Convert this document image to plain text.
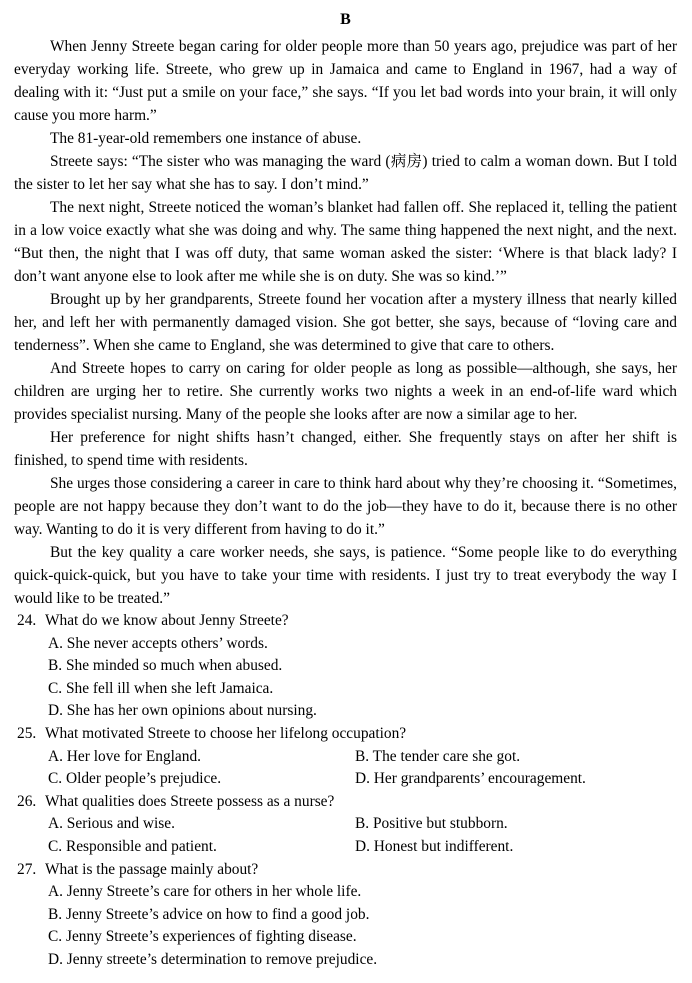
B

When Jenny Streete began caring for older people more than 50 years ago, prejudice was part of her everyday working life. Streete, who grew up in Jamaica and came to England in 1967, had a way of dealing with it: “Just put a smile on your face,” she says. “If you let bad words into your brain, it will only cause you more harm.”

The 81-year-old remembers one instance of abuse.

Streete says: “The sister who was managing the ward (病房) tried to calm a woman down. But I told the sister to let her say what she has to say. I don’t mind.”

The next night, Streete noticed the woman’s blanket had fallen off. She replaced it, telling the patient in a low voice exactly what she was doing and why. The same thing happened the next night, and the next. “But then, the night that I was off duty, that same woman asked the sister: ‘Where is that black lady? I don’t want anyone else to look after me while she is on duty. She was so kind.’”

Brought up by her grandparents, Streete found her vocation after a mystery illness that nearly killed her, and left her with permanently damaged vision. She got better, she says, because of “loving care and tenderness”. When she came to England, she was determined to give that care to others.

And Streete hopes to carry on caring for older people as long as possible—although, she says, her children are urging her to retire. She currently works two nights a week in an end-of-life ward which provides specialist nursing. Many of the people she looks after are now a similar age to her.

Her preference for night shifts hasn’t changed, either. She frequently stays on after her shift is finished, to spend time with residents.

She urges those considering a career in care to think hard about why they’re choosing it. “Sometimes, people are not happy because they don’t want to do the job—they have to do it, because there is no other way. Wanting to do it is very different from having to do it.”

But the key quality a care worker needs, she says, is patience. “Some people like to do everything quick-quick-quick, but you have to take your time with residents. I just try to treat everybody the way I would like to be treated.”

24. What do we know about Jenny Streete?
A. She never accepts others’ words.
B. She minded so much when abused.
C. She fell ill when she left Jamaica.
D. She has her own opinions about nursing.
25. What motivated Streete to choose her lifelong occupation?
A. Her love for England.	B. The tender care she got.
C. Older people’s prejudice.	D. Her grandparents’ encouragement.
26. What qualities does Streete possess as a nurse?
A. Serious and wise.	B. Positive but stubborn.
C. Responsible and patient.	D. Honest but indifferent.
27. What is the passage mainly about?
A. Jenny Streete’s care for others in her whole life.
B. Jenny Streete’s advice on how to find a good job.
C. Jenny Streete’s experiences of fighting disease.
D. Jenny streete’s determination to remove prejudice.
